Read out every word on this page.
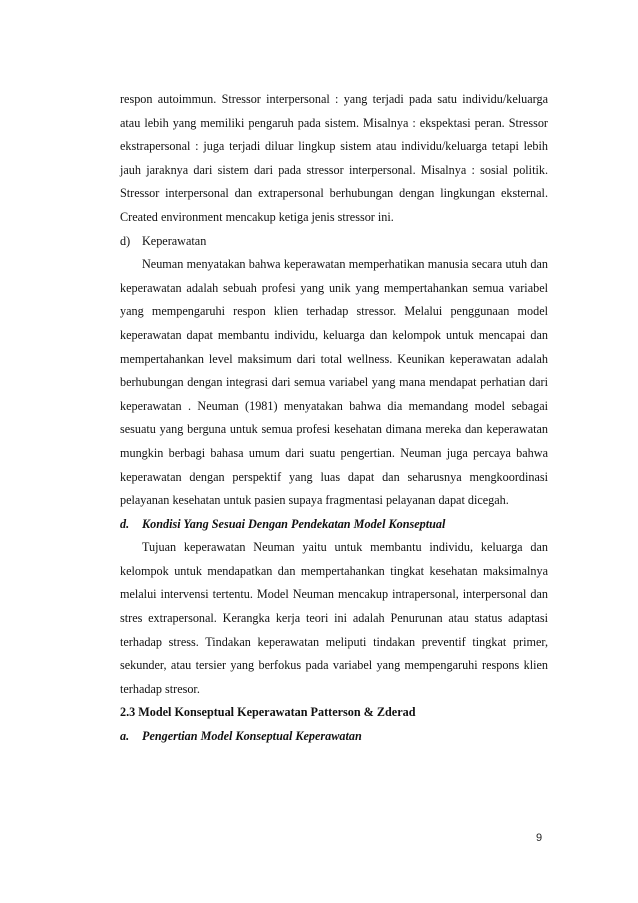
respon autoimmun. Stressor interpersonal : yang terjadi pada satu individu/keluarga atau lebih yang memiliki pengaruh pada sistem. Misalnya : ekspektasi peran. Stressor ekstrapersonal : juga terjadi diluar lingkup sistem atau individu/keluarga tetapi lebih jauh jaraknya dari sistem dari pada stressor interpersonal. Misalnya : sosial politik. Stressor interpersonal dan extrapersonal berhubungan dengan lingkungan eksternal. Created environment mencakup ketiga jenis stressor ini.

d) Keperawatan

Neuman menyatakan bahwa keperawatan memperhatikan manusia secara utuh dan keperawatan adalah sebuah profesi yang unik yang mempertahankan semua variabel yang mempengaruhi respon klien terhadap stressor. Melalui penggunaan model keperawatan dapat membantu individu, keluarga dan kelompok untuk mencapai dan mempertahankan level maksimum dari total wellness. Keunikan keperawatan adalah berhubungan dengan integrasi dari semua variabel yang mana mendapat perhatian dari keperawatan . Neuman (1981) menyatakan bahwa dia memandang model sebagai sesuatu yang berguna untuk semua profesi kesehatan dimana mereka dan keperawatan mungkin berbagi bahasa umum dari suatu pengertian. Neuman juga percaya bahwa keperawatan dengan perspektif yang luas dapat dan seharusnya mengkoordinasi pelayanan kesehatan untuk pasien supaya fragmentasi pelayanan dapat dicegah.

d.	Kondisi Yang Sesuai Dengan Pendekatan Model Konseptual

Tujuan keperawatan Neuman yaitu untuk membantu individu, keluarga dan kelompok untuk mendapatkan dan mempertahankan tingkat kesehatan maksimalnya melalui intervensi tertentu. Model Neuman mencakup intrapersonal, interpersonal dan stres extrapersonal. Kerangka kerja teori ini adalah Penurunan atau status adaptasi terhadap stress. Tindakan keperawatan meliputi tindakan preventif tingkat primer, sekunder, atau tersier yang berfokus pada variabel yang mempengaruhi respons klien terhadap stresor.

2.3 Model Konseptual Keperawatan Patterson & Zderad
a.	Pengertian Model Konseptual Keperawatan
9
